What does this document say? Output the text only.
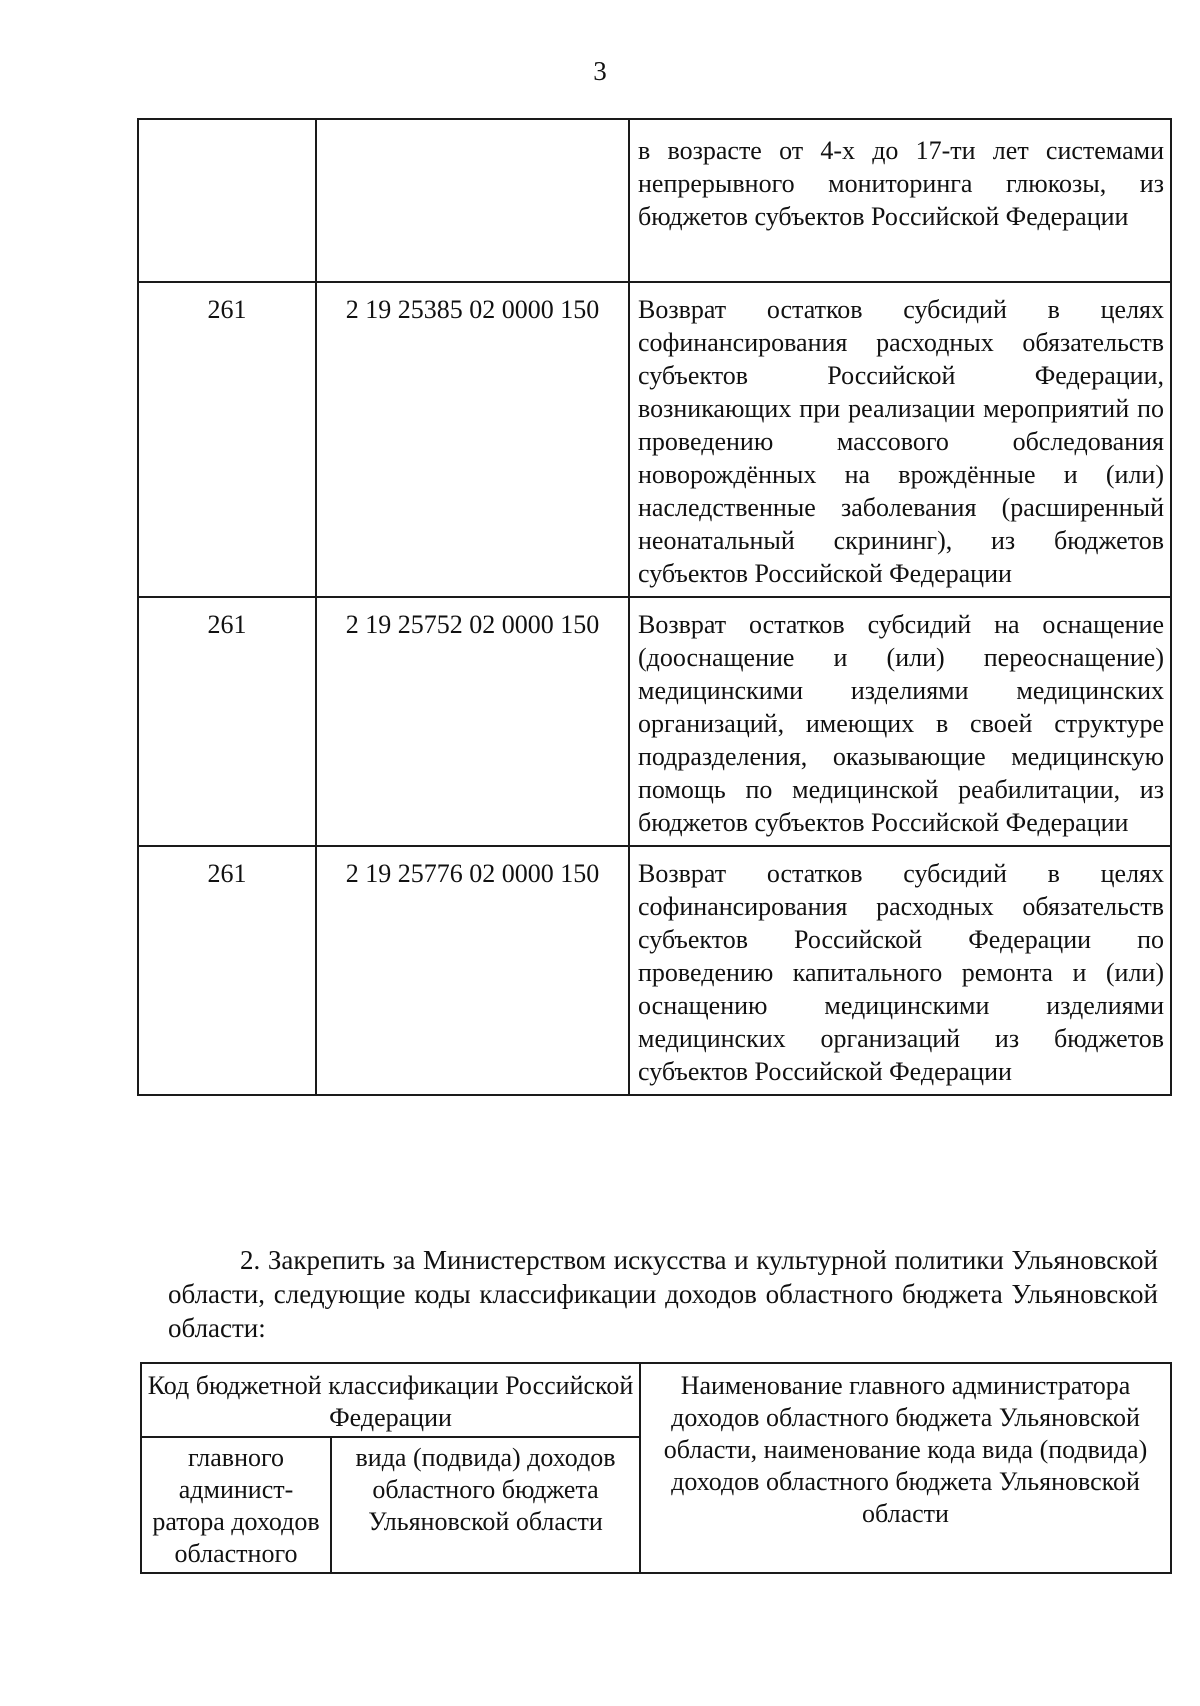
3
		в возрасте от 4-х до 17-ти лет системами непрерывного мониторинга глюкозы, из бюджетов субъектов Российской Федерации
261	2 19 25385 02 0000 150	Возврат остатков субсидий в целях софинансирования расходных обязательств субъектов Российской Федерации, возникающих при реализации мероприятий по проведению массового обследования новорождённых на врождённые и (или) наследственные заболевания (расширенный неонатальный скрининг), из бюджетов субъектов Российской Федерации
261	2 19 25752 02 0000 150	Возврат остатков субсидий на оснащение (дооснащение и (или) переоснащение) медицинскими изделиями медицинских организаций, имеющих в своей структуре подразделения, оказывающие медицинскую помощь по медицинской реабилитации, из бюджетов субъектов Российской Федерации
261	2 19 25776 02 0000 150	Возврат остатков субсидий в целях софинансирования расходных обязательств субъектов Российской Федерации по проведению капитального ремонта и (или) оснащению медицинскими изделиями медицинских организаций из бюджетов субъектов Российской Федерации
2. Закрепить за Министерством искусства и культурной политики Ульяновской области, следующие коды классификации доходов областного бюджета Ульяновской области:
Код бюджетной классификации Российской Федерации		Наименование главного администратора доходов областного бюджета Ульяновской области, наименование кода вида (подвида) доходов областного бюджета Ульяновской области
главного админист-ратора доходов областного	вида (подвида) доходов областного бюджета Ульяновской области	
